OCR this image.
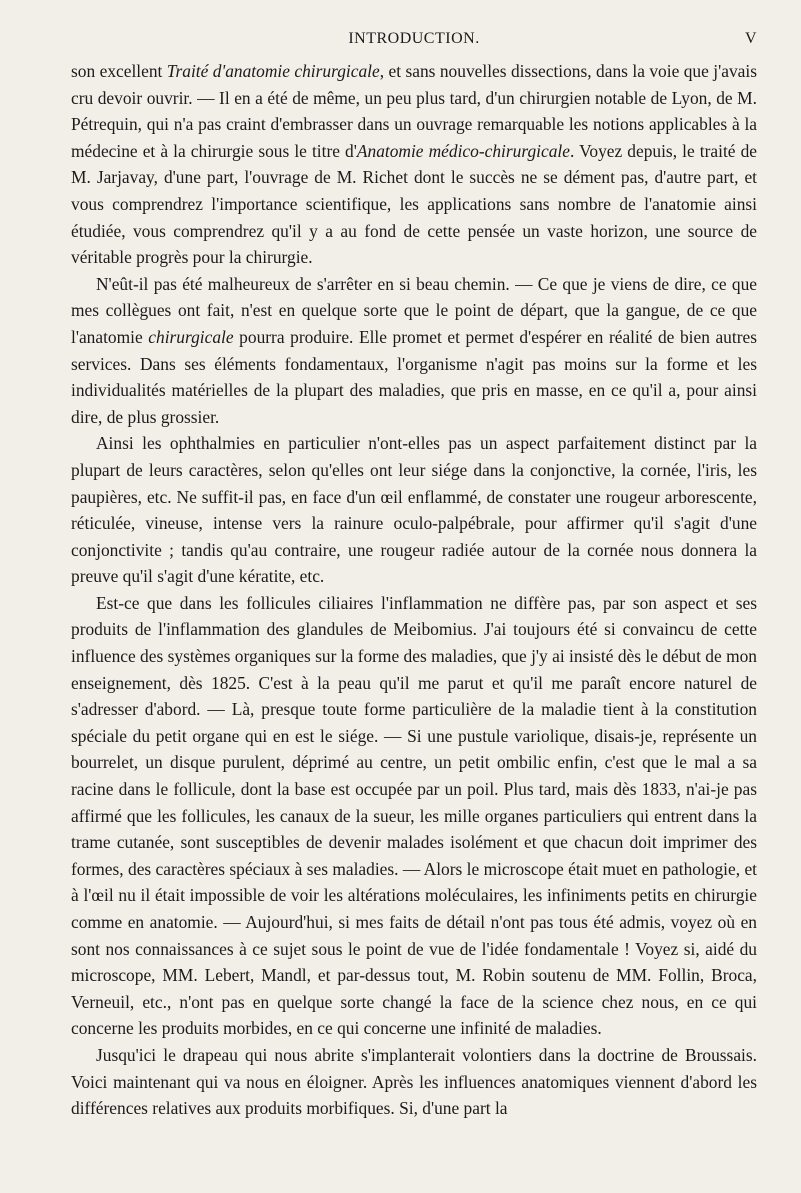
INTRODUCTION.	V

son excellent Traité d'anatomie chirurgicale, et sans nouvelles dissections, dans la voie que j'avais cru devoir ouvrir. — Il en a été de même, un peu plus tard, d'un chirurgien notable de Lyon, de M. Pétrequin, qui n'a pas craint d'embrasser dans un ouvrage remarquable les notions applicables à la médecine et à la chirurgie sous le titre d'Anatomie médico-chirurgicale. Voyez depuis, le traité de M. Jarjavay, d'une part, l'ouvrage de M. Richet dont le succès ne se dément pas, d'autre part, et vous comprendrez l'importance scientifique, les applications sans nombre de l'anatomie ainsi étudiée, vous comprendrez qu'il y a au fond de cette pensée un vaste horizon, une source de véritable progrès pour la chirurgie.

N'eût-il pas été malheureux de s'arrêter en si beau chemin. — Ce que je viens de dire, ce que mes collègues ont fait, n'est en quelque sorte que le point de départ, que la gangue, de ce que l'anatomie chirurgicale pourra produire. Elle promet et permet d'espérer en réalité de bien autres services. Dans ses éléments fondamentaux, l'organisme n'agit pas moins sur la forme et les individualités matérielles de la plupart des maladies, que pris en masse, en ce qu'il a, pour ainsi dire, de plus grossier.

Ainsi les ophthalmies en particulier n'ont-elles pas un aspect parfaitement distinct par la plupart de leurs caractères, selon qu'elles ont leur siége dans la conjonctive, la cornée, l'iris, les paupières, etc. Ne suffit-il pas, en face d'un œil enflammé, de constater une rougeur arborescente, réticulée, vineuse, intense vers la rainure oculo-palpébrale, pour affirmer qu'il s'agit d'une conjonctivite ; tandis qu'au contraire, une rougeur radiée autour de la cornée nous donnera la preuve qu'il s'agit d'une kératite, etc.

Est-ce que dans les follicules ciliaires l'inflammation ne diffère pas, par son aspect et ses produits de l'inflammation des glandules de Meibomius. J'ai toujours été si convaincu de cette influence des systèmes organiques sur la forme des maladies, que j'y ai insisté dès le début de mon enseignement, dès 1825. C'est à la peau qu'il me parut et qu'il me paraît encore naturel de s'adresser d'abord. — Là, presque toute forme particulière de la maladie tient à la constitution spéciale du petit organe qui en est le siége. — Si une pustule variolique, disais-je, représente un bourrelet, un disque purulent, déprimé au centre, un petit ombilic enfin, c'est que le mal a sa racine dans le follicule, dont la base est occupée par un poil. Plus tard, mais dès 1833, n'ai-je pas affirmé que les follicules, les canaux de la sueur, les mille organes particuliers qui entrent dans la trame cutanée, sont susceptibles de devenir malades isolément et que chacun doit imprimer des formes, des caractères spéciaux à ses maladies. — Alors le microscope était muet en pathologie, et à l'œil nu il était impossible de voir les altérations moléculaires, les infiniments petits en chirurgie comme en anatomie. — Aujourd'hui, si mes faits de détail n'ont pas tous été admis, voyez où en sont nos connaissances à ce sujet sous le point de vue de l'idée fondamentale ! Voyez si, aidé du microscope, MM. Lebert, Mandl, et par-dessus tout, M. Robin soutenu de MM. Follin, Broca, Verneuil, etc., n'ont pas en quelque sorte changé la face de la science chez nous, en ce qui concerne les produits morbides, en ce qui concerne une infinité de maladies.

Jusqu'ici le drapeau qui nous abrite s'implanterait volontiers dans la doctrine de Broussais. Voici maintenant qui va nous en éloigner. Après les influences anatomiques viennent d'abord les différences relatives aux produits morbifiques. Si, d'une part la
